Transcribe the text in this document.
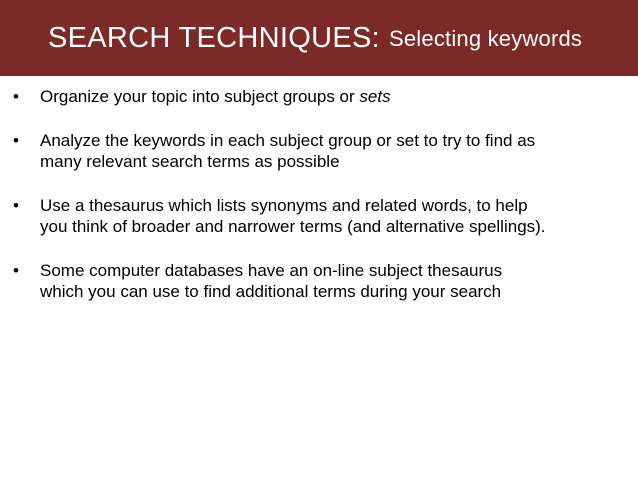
SEARCH TECHNIQUES: Selecting keywords
• Organize your topic into subject groups or sets
• Analyze the keywords in each subject group or set to try to find as many relevant search terms as possible
• Use a thesaurus which lists synonyms and related words, to help you think of broader and narrower terms (and alternative spellings).
• Some computer databases have an on-line subject thesaurus which you can use to find additional terms during your search
